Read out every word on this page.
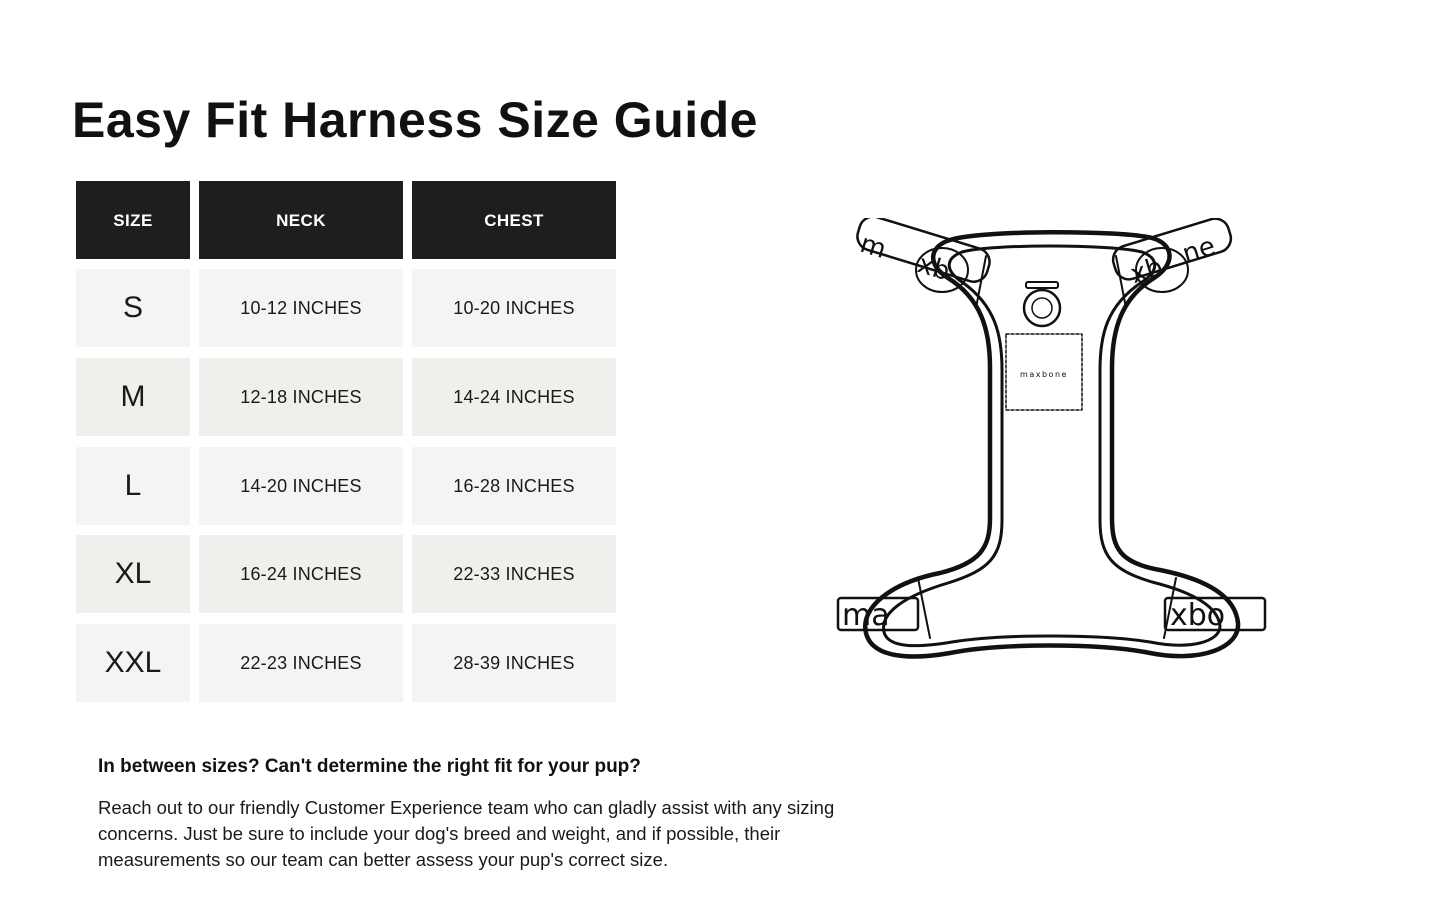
Easy Fit Harness Size Guide
SIZE	NECK	CHEST
S	10-12 INCHES	10-20 INCHES
M	12-18 INCHES	14-24 INCHES
L	14-20 INCHES	16-28 INCHES
XL	16-24 INCHES	22-33 INCHES
XXL	22-23 INCHES	28-39 INCHES
maxbone
m
xb	xb
ne
ma	xbo

In between sizes? Can't determine the right fit for your pup?

Reach out to our friendly Customer Experience team who can gladly assist with any sizing concerns. Just be sure to include your dog's breed and weight, and if possible, their measurements so our team can better assess your pup's correct size.
